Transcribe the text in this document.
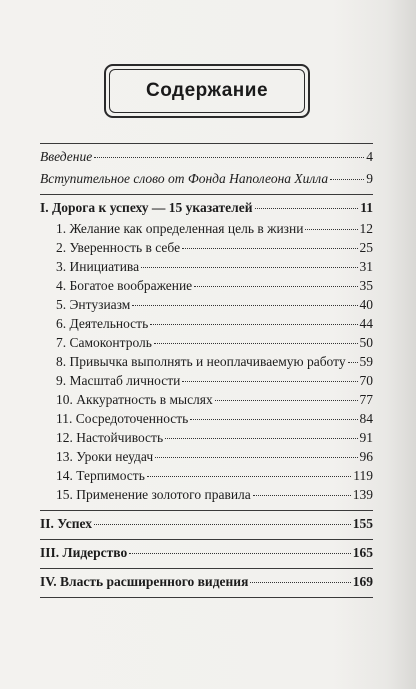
Содержание
Введение	4
Вступительное слово от Фонда Наполеона Хилла	9
I. Дорога к успеху — 15 указателей	11
1. Желание как определенная цель в жизни	12
2. Уверенность в себе	25
3. Инициатива	31
4. Богатое воображение	35
5. Энтузиазм	40
6. Деятельность	44
7. Самоконтроль	50
8. Привычка выполнять и неоплачиваемую работу 59
9. Масштаб личности	70
10. Аккуратность в мыслях	77
11. Сосредоточенность	84
12. Настойчивость	91
13. Уроки неудач	96
14. Терпимость	119
15. Применение золотого правила	139
II. Успех	155
III. Лидерство	165
IV. Власть расширенного видения	169
